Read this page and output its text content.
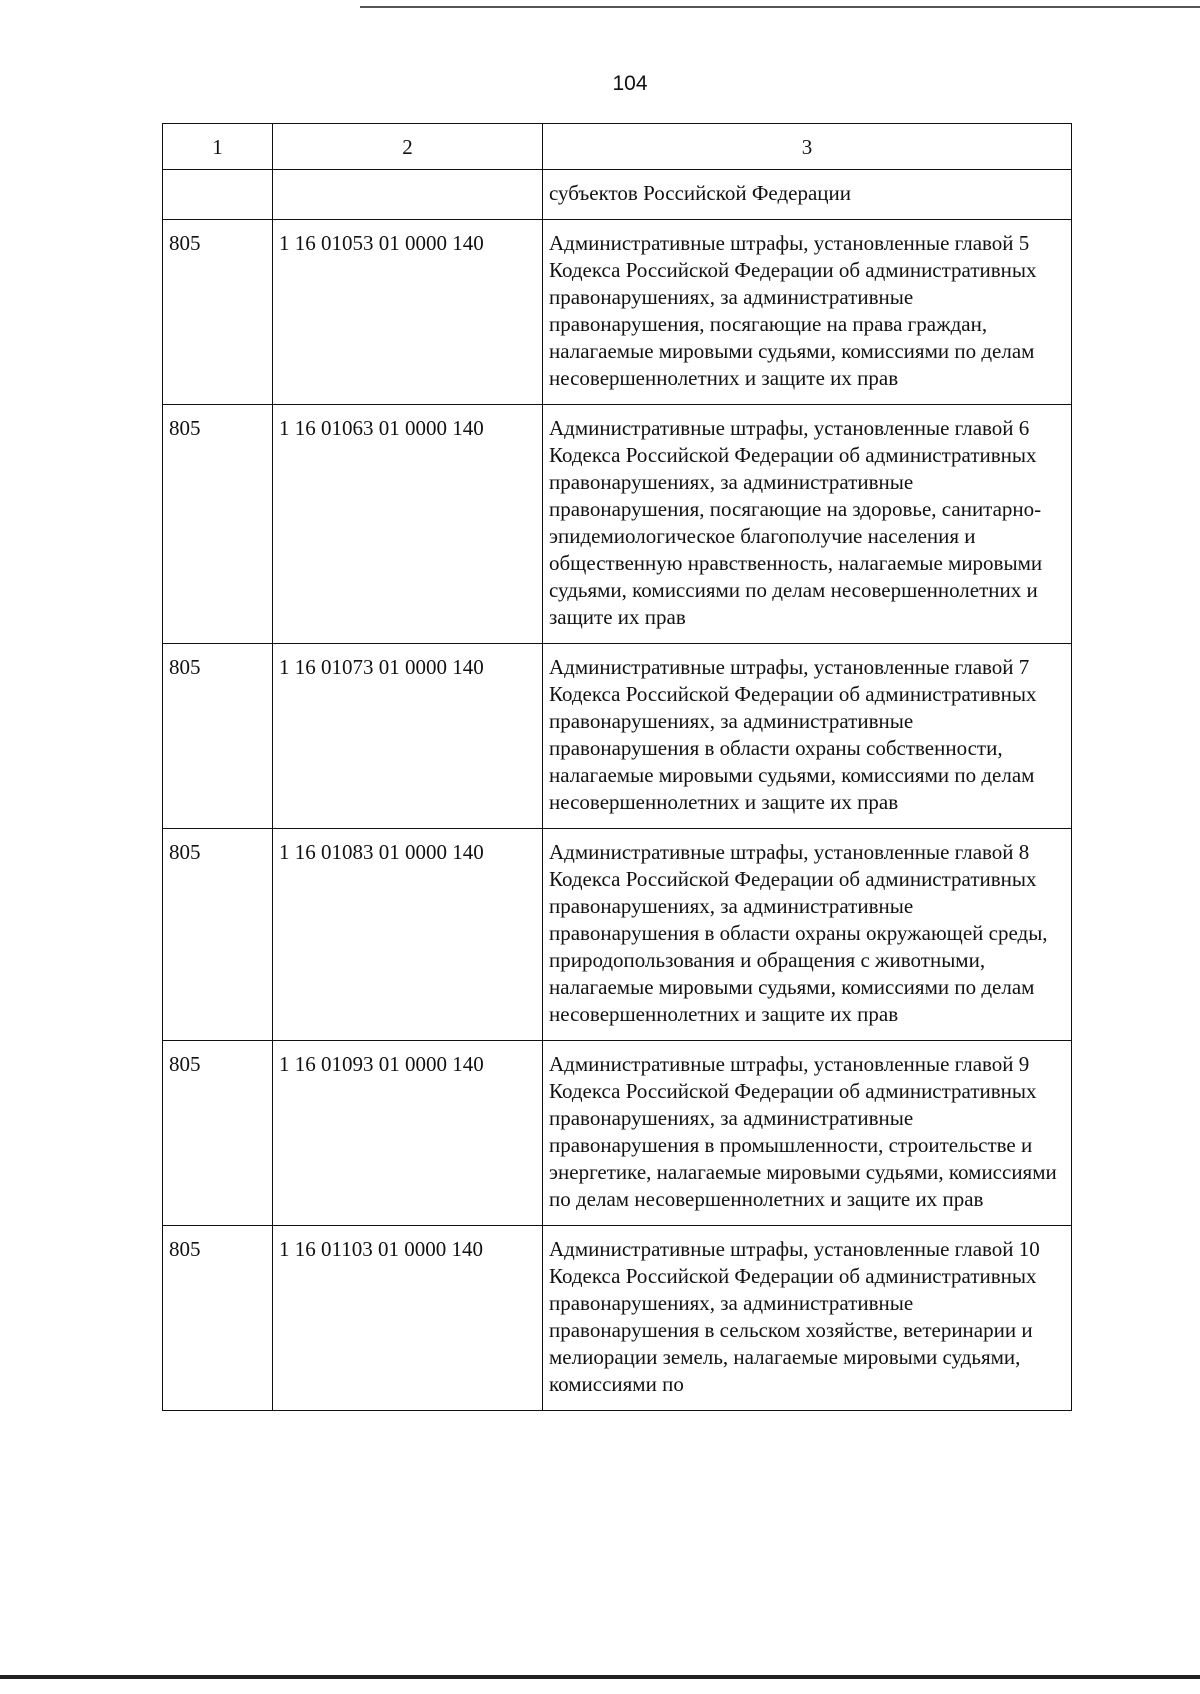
104
1	2	3
		субъектов Российской Федерации
805	1 16 01053 01 0000 140	Административные штрафы, установленные главой 5 Кодекса Российской Федерации об административных правонарушениях, за административные правонарушения, посягающие на права граждан, налагаемые мировыми судьями, комиссиями по делам несовершеннолетних и защите их прав
805	1 16 01063 01 0000 140	Административные штрафы, установленные главой 6 Кодекса Российской Федерации об административных правонарушениях, за административные правонарушения, посягающие на здоровье, санитарно-эпидемиологическое благополучие населения и общественную нравственность, налагаемые мировыми судьями, комиссиями по делам несовершеннолетних и защите их прав
805	1 16 01073 01 0000 140	Административные штрафы, установленные главой 7 Кодекса Российской Федерации об административных правонарушениях, за административные правонарушения в области охраны собственности, налагаемые мировыми судьями, комиссиями по делам несовершеннолетних и защите их прав
805	1 16 01083 01 0000 140	Административные штрафы, установленные главой 8 Кодекса Российской Федерации об административных правонарушениях, за административные правонарушения в области охраны окружающей среды, природопользования и обращения с животными, налагаемые мировыми судьями, комиссиями по делам несовершеннолетних и защите их прав
805	1 16 01093 01 0000 140	Административные штрафы, установленные главой 9 Кодекса Российской Федерации об административных правонарушениях, за административные правонарушения в промышленности, строительстве и энергетике, налагаемые мировыми судьями, комиссиями по делам несовершеннолетних и защите их прав
805	1 16 01103 01 0000 140	Административные штрафы, установленные главой 10 Кодекса Российской Федерации об административных правонарушениях, за административные правонарушения в сельском хозяйстве, ветеринарии и мелиорации земель, налагаемые мировыми судьями, комиссиями по
